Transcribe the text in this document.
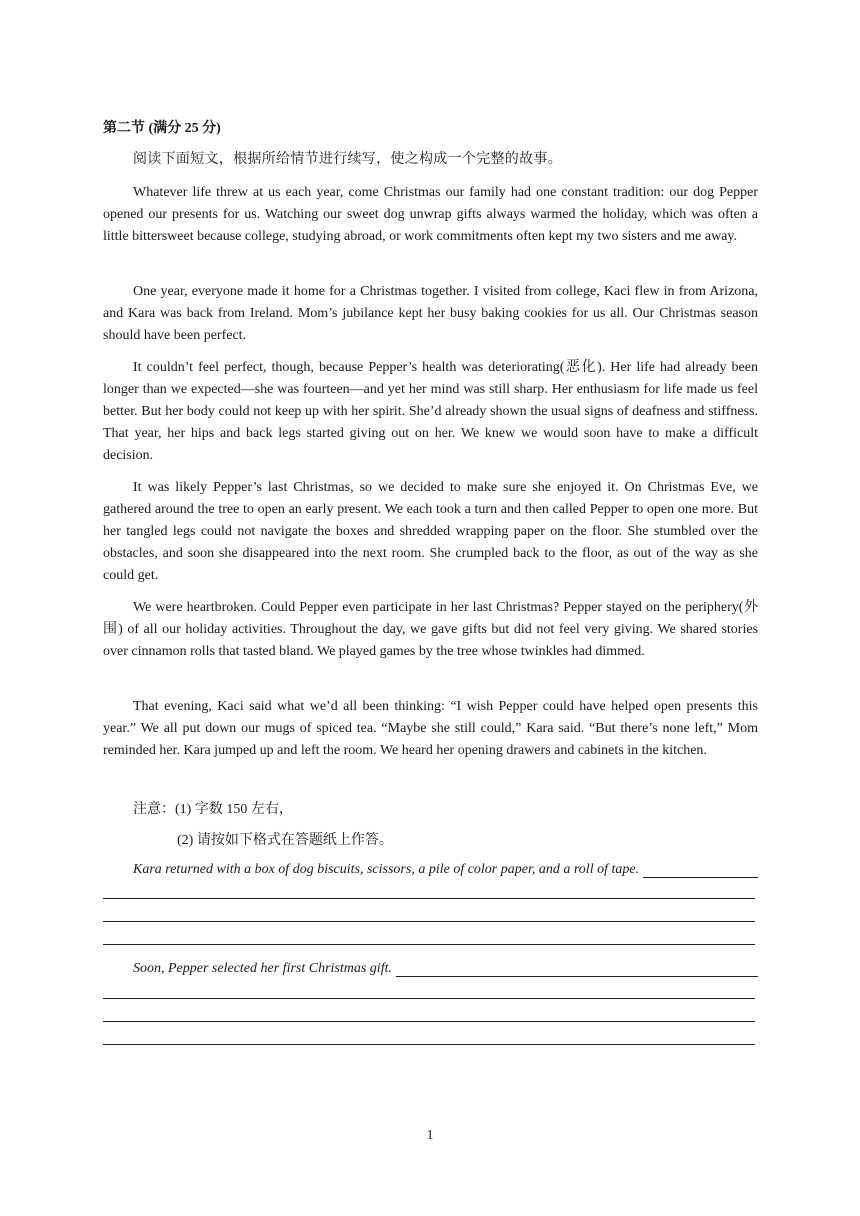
第二节 (满分 25 分)
阅读下面短文，根据所给情节进行续写，使之构成一个完整的故事。

Whatever life threw at us each year, come Christmas our family had one constant tradition: our dog Pepper opened our presents for us. Watching our sweet dog unwrap gifts always warmed the holiday, which was often a little bittersweet because college, studying abroad, or work commitments often kept my two sisters and me away.

One year, everyone made it home for a Christmas together. I visited from college, Kaci flew in from Arizona, and Kara was back from Ireland. Mom’s jubilance kept her busy baking cookies for us all. Our Christmas season should have been perfect.

It couldn’t feel perfect, though, because Pepper’s health was deteriorating(恶化). Her life had already been longer than we expected—she was fourteen—and yet her mind was still sharp. Her enthusiasm for life made us feel better. But her body could not keep up with her spirit. She’d already shown the usual signs of deafness and stiffness. That year, her hips and back legs started giving out on her. We knew we would soon have to make a difficult decision.

It was likely Pepper’s last Christmas, so we decided to make sure she enjoyed it. On Christmas Eve, we gathered around the tree to open an early present. We each took a turn and then called Pepper to open one more. But her tangled legs could not navigate the boxes and shredded wrapping paper on the floor. She stumbled over the obstacles, and soon she disappeared into the next room. She crumpled back to the floor, as out of the way as she could get.

We were heartbroken. Could Pepper even participate in her last Christmas? Pepper stayed on the periphery(外围) of all our holiday activities. Throughout the day, we gave gifts but did not feel very giving. We shared stories over cinnamon rolls that tasted bland. We played games by the tree whose twinkles had dimmed.

That evening, Kaci said what we’d all been thinking: “I wish Pepper could have helped open presents this year.” We all put down our mugs of spiced tea. “Maybe she still could,” Kara said. “But there’s none left,” Mom reminded her. Kara jumped up and left the room. We heard her opening drawers and cabinets in the kitchen.

注意：(1) 字数 150 左右，
(2) 请按如下格式在答题纸上作答。
Kara returned with a box of dog biscuits, scissors, a pile of color paper, and a roll of tape.
Soon, Pepper selected her first Christmas gift.
1
